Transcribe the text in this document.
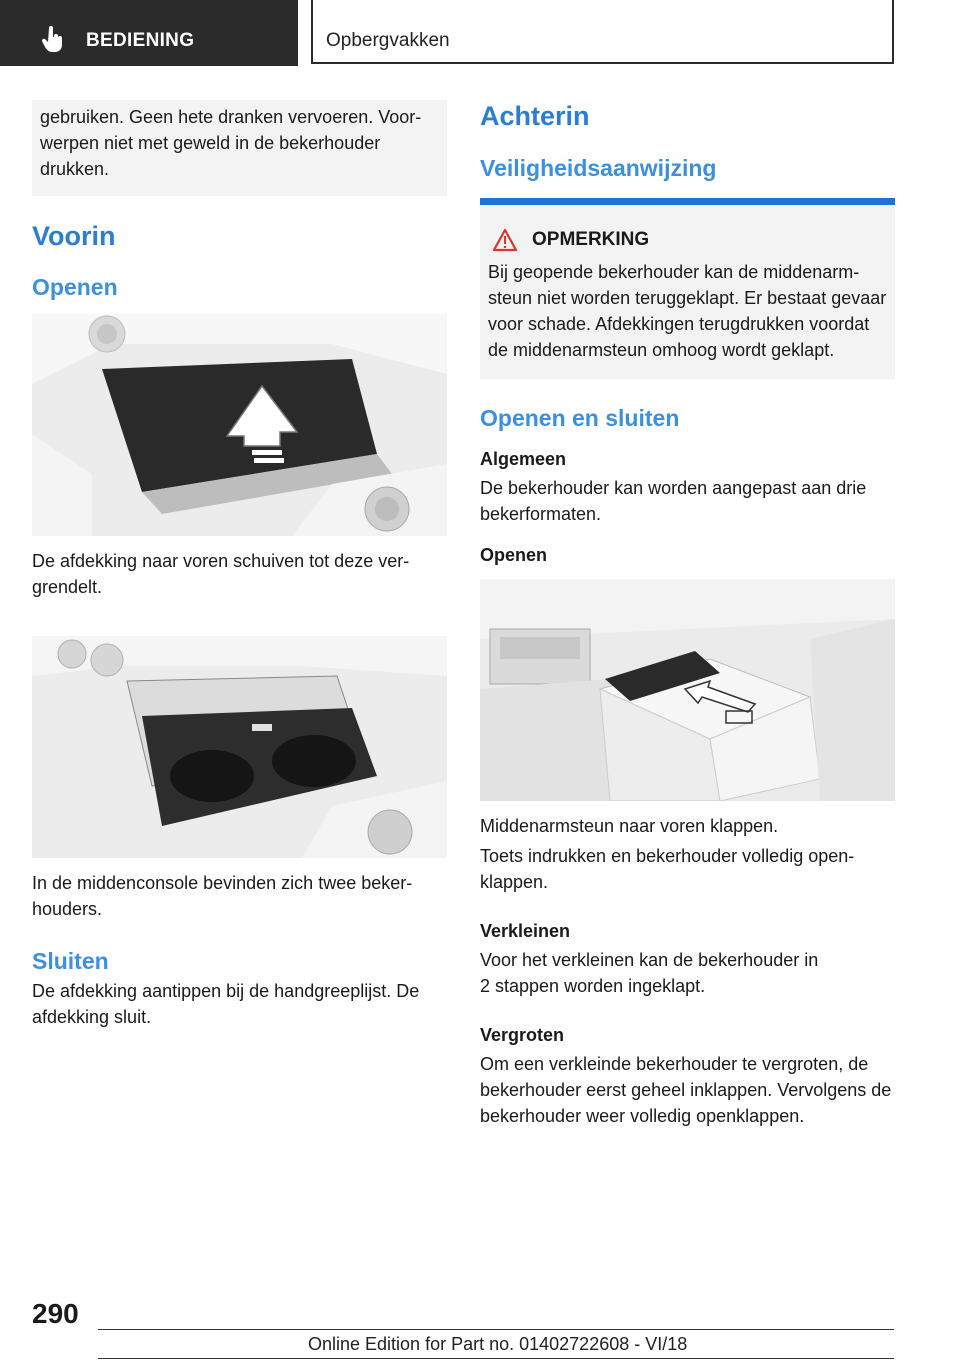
BEDIENING	Opbergvakken
gebruiken. Geen hete dranken vervoeren. Voorwerpen niet met geweld in de bekerhouder drukken.
Voorin
Openen
De afdekking naar voren schuiven tot deze vergrendelt.
In de middenconsole bevinden zich twee bekerhouders.
Sluiten
De afdekking aantippen bij de handgreeplijst. De afdekking sluit.
Achterin
Veiligheidsaanwijzing
OPMERKING
Bij geopende bekerhouder kan de middenarmsteun niet worden teruggeklapt. Er bestaat gevaar voor schade. Afdekkingen terugdrukken voordat de middenarmsteun omhoog wordt geklapt.
Openen en sluiten
Algemeen
De bekerhouder kan worden aangepast aan drie bekerformaten.
Openen
Middenarmsteun naar voren klappen.
Toets indrukken en bekerhouder volledig openklappen.
Verkleinen
Voor het verkleinen kan de bekerhouder in
2 stappen worden ingeklapt.
Vergroten
Om een verkleinde bekerhouder te vergroten, de bekerhouder eerst geheel inklappen. Vervolgens de bekerhouder weer volledig openklappen.
290
Online Edition for Part no. 01402722608 - VI/18
